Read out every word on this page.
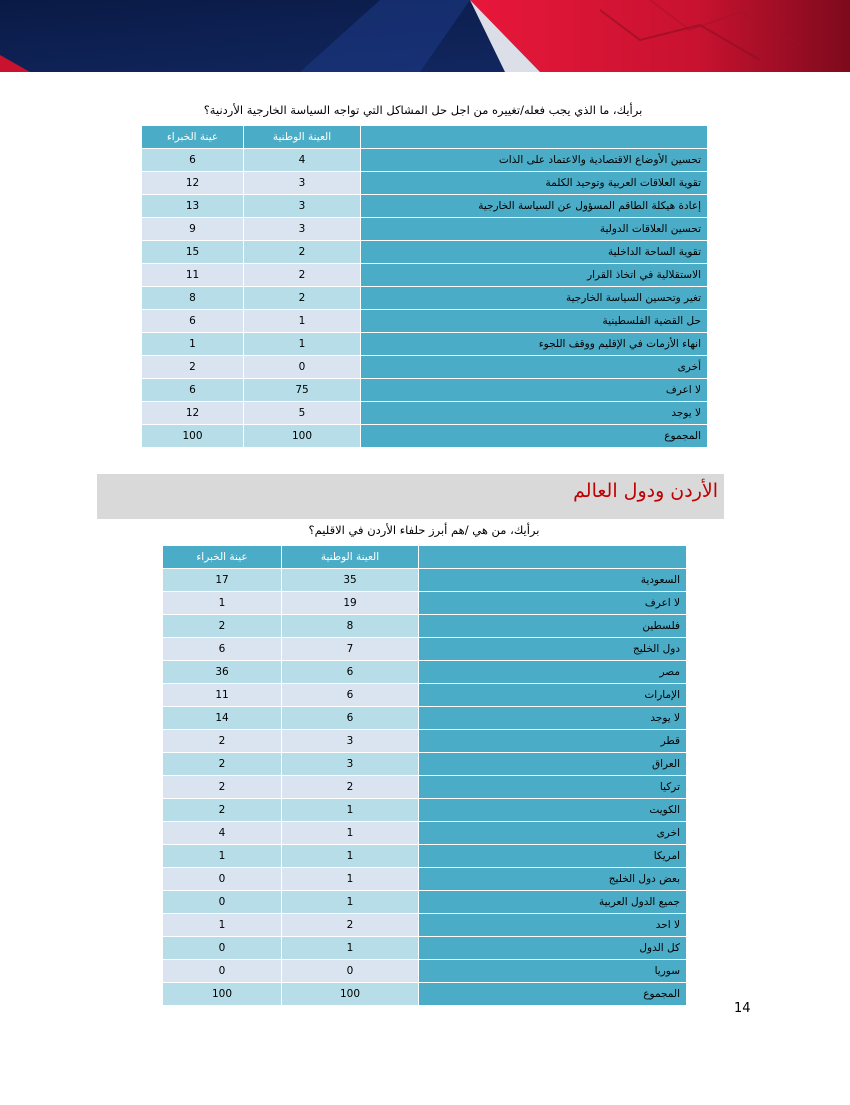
برأيك، ما الذي يجب فعله/تغييره من اجل حل المشاكل التي تواجه السياسة الخارجية الأردنية؟
عينة الخبراء	العينة الوطنية	
6	4	تحسين الأوضاع الاقتصادية والاعتماد على الذات
12	3	تقوية العلاقات العربية وتوحيد الكلمة
13	3	إعادة هيكلة الطاقم المسؤول عن السياسة الخارجية
9	3	تحسين العلاقات الدولية
15	2	تقوية الساحة الداخلية
11	2	الاستقلالية في اتخاذ القرار
8	2	تغير وتحسين السياسة الخارجية
6	1	حل القضية الفلسطينية
1	1	انهاء الأزمات في الإقليم ووقف اللجوء
2	0	أخرى
6	75	لا اعرف
12	5	لا يوجد
100	100	المجموع
الأردن ودول العالم
برأيك، من هي /هم أبرز حلفاء الأردن في الاقليم؟
عينة الخبراء	العينة الوطنية	
17	35	السعودية
1	19	لا اعرف
2	8	فلسطين
6	7	دول الخليج
36	6	مصر
11	6	الإمارات
14	6	لا يوجد
2	3	قطر
2	3	العراق
2	2	تركيا
2	1	الكويت
4	1	اخرى
1	1	امريكا
0	1	بعض دول الخليج
0	1	جميع الدول العربية
1	2	لا احد
0	1	كل الدول
0	0	سوريا
100	100	المجموع
14
